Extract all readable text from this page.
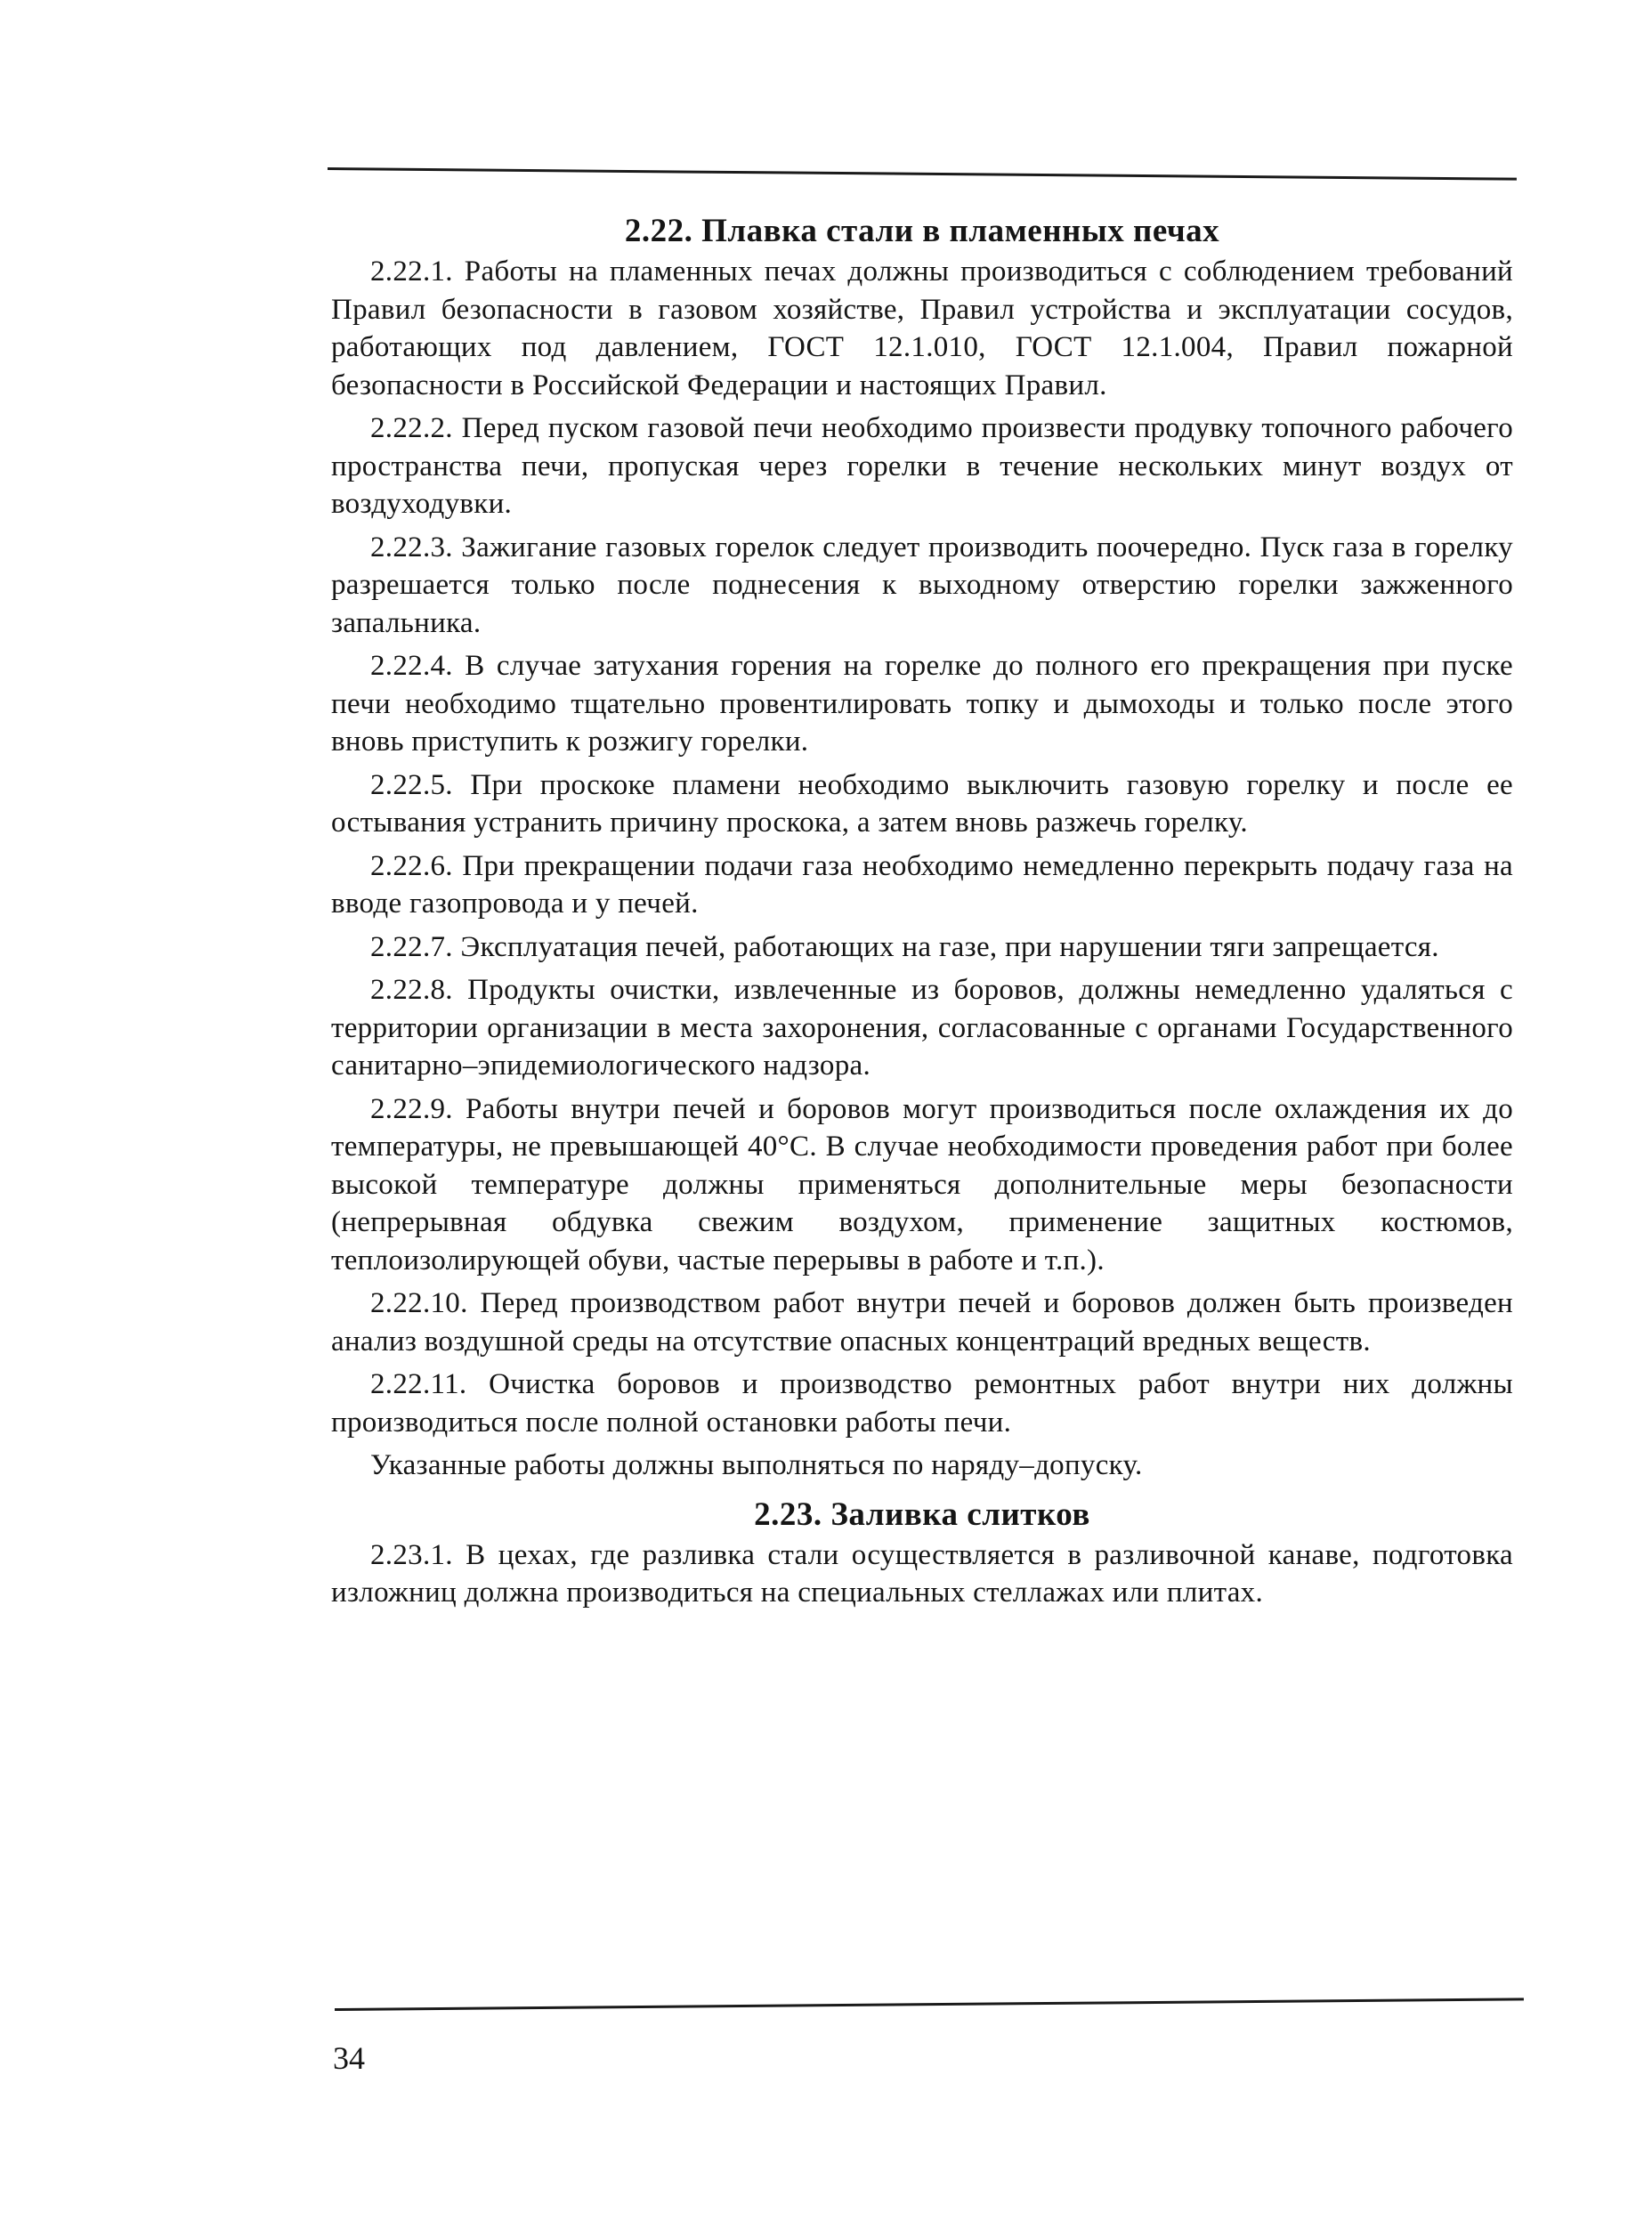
2.22. Плавка стали в пламенных печах

2.22.1. Работы на пламенных печах должны производиться с соблюдением требований Правил безопасности в газовом хозяйстве, Правил устройства и эксплуатации сосудов, работающих под давлением, ГОСТ 12.1.010, ГОСТ 12.1.004, Правил пожарной безопасности в Российской Федерации и настоящих Правил.

2.22.2. Перед пуском газовой печи необходимо произвести продувку топочного рабочего пространства печи, пропуская через горелки в течение нескольких минут воздух от воздуходувки.

2.22.3. Зажигание газовых горелок следует производить поочередно. Пуск газа в горелку разрешается только после поднесения к выходному отверстию горелки зажженного запальника.

2.22.4. В случае затухания горения на горелке до полного его прекращения при пуске печи необходимо тщательно провентилировать топку и дымоходы и только после этого вновь приступить к розжигу горелки.

2.22.5. При проскоке пламени необходимо выключить газовую горелку и после ее остывания устранить причину проскока, а затем вновь разжечь горелку.

2.22.6. При прекращении подачи газа необходимо немедленно перекрыть подачу газа на вводе газопровода и у печей.

2.22.7. Эксплуатация печей, работающих на газе, при нарушении тяги запрещается.

2.22.8. Продукты очистки, извлеченные из боровов, должны немедленно удаляться с территории организации в места захоронения, согласованные с органами Государственного санитарно–эпидемиологического надзора.

2.22.9. Работы внутри печей и боровов могут производиться после охлаждения их до температуры, не превышающей 40°С. В случае необходимости проведения работ при более высокой температуре должны применяться дополнительные меры безопасности (непрерывная обдувка свежим воздухом, применение защитных костюмов, теплоизолирующей обуви, частые перерывы в работе и т.п.).

2.22.10. Перед производством работ внутри печей и боровов должен быть произведен анализ воздушной среды на отсутствие опасных концентраций вредных веществ.

2.22.11. Очистка боровов и производство ремонтных работ внутри них должны производиться после полной остановки работы печи.

Указанные работы должны выполняться по наряду–допуску.

2.23. Заливка слитков

2.23.1. В цехах, где разливка стали осуществляется в разливочной канаве, подготовка изложниц должна производиться на специальных стеллажах или плитах.

34
